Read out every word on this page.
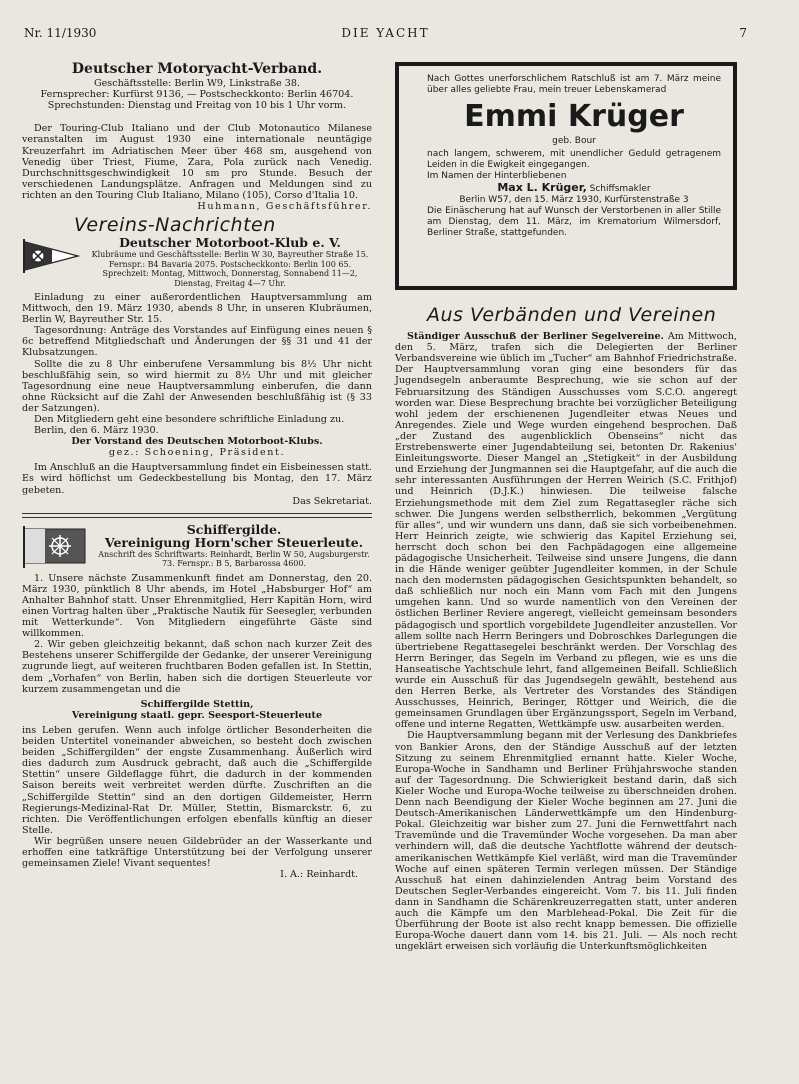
Nr. 11/1930	DIE YACHT	7
Deutscher Motoryacht-Verband.

Geschäftsstelle: Berlin W9, Linkstraße 38.

Fernsprecher: Kurfürst 9136, — Postscheckkonto: Berlin 46704.

Sprechstunden: Dienstag und Freitag von 10 bis 1 Uhr vorm.

Der Touring-Club Italiano und der Club Motonautico Milanese veranstalten im August 1930 eine internationale neuntägige Kreuzerfahrt im Adriatischen Meer über 468 sm, ausgehend von Venedig über Triest, Fiume, Zara, Pola zurück nach Venedig. Durchschnittsgeschwindigkeit 10 sm pro Stunde. Besuch der verschiedenen Landungsplätze. Anfragen und Meldungen sind zu richten an den Touring Club Italiano, Milano (105), Corso d'Italia 10.

Huhmann, Geschäftsführer.

Vereins-Nachrichten
Deutscher Motorboot-Klub e. V.

Klubräume und Geschäftsstelle: Berlin W 30, Bayreuther Straße 15. Fernspr.: B4 Bavaria 2075. Postscheckkonto: Berlin 100 65. Sprechzeit: Montag, Mittwoch, Donnerstag, Sonnabend 11—2, Dienstag, Freitag 4—7 Uhr.

Einladung zu einer außerordentlichen Hauptversammlung am Mittwoch, den 19. März 1930, abends 8 Uhr, in unseren Klubräumen, Berlin W, Bayreuther Str. 15.

Tagesordnung: Anträge des Vorstandes auf Einfügung eines neuen § 6c betreffend Mitgliedschaft und Änderungen der §§ 31 und 41 der Klubsatzungen.

Sollte die zu 8 Uhr einberufene Versammlung bis 8½ Uhr nicht beschlußfähig sein, so wird hiermit zu 8½ Uhr und mit gleicher Tagesordnung eine neue Hauptversammlung einberufen, die dann ohne Rücksicht auf die Zahl der Anwesenden beschlußfähig ist (§ 33 der Satzungen).

Den Mitgliedern geht eine besondere schriftliche Einladung zu.

Berlin, den 6. März 1930.

Der Vorstand des Deutschen Motorboot-Klubs.

gez.: Schoening, Präsident.

Im Anschluß an die Hauptversammlung findet ein Eisbeinessen statt. Es wird höflichst um Gedeckbestellung bis Montag, den 17. März gebeten.

Das Sekretariat.

Schiffergilde.
Vereinigung Horn'scher Steuerleute.

Anschrift des Schriftwarts: Reinhardt, Berlin W 50, Augsburgerstr. 73. Fernspr.: B 5, Barbarossa 4600.

1. Unsere nächste Zusammenkunft findet am Donnerstag, den 20. März 1930, pünktlich 8 Uhr abends, im Hotel „Habsburger Hof“ am Anhalter Bahnhof statt. Unser Ehrenmitglied, Herr Kapitän Horn, wird einen Vortrag halten über „Praktische Nautik für Seesegler, verbunden mit Wetterkunde“. Von Mitgliedern eingeführte Gäste sind willkommen.

2. Wir geben gleichzeitig bekannt, daß schon nach kurzer Zeit des Bestehens unserer Schiffergilde der Gedanke, der unserer Vereinigung zugrunde liegt, auf weiteren fruchtbaren Boden gefallen ist. In Stettin, dem „Vorhafen“ von Berlin, haben sich die dortigen Steuerleute vor kurzem zusammengetan und die

Schiffergilde Stettin,

Vereinigung staatl. gepr. Seesport-Steuerleute

ins Leben gerufen. Wenn auch infolge örtlicher Besonderheiten die beiden Untertitel voneinander abweichen, so besteht doch zwischen beiden „Schiffergilden“ der engste Zusammenhang. Äußerlich wird dies dadurch zum Ausdruck gebracht, daß auch die „Schiffergilde Stettin“ unsere Gildeflagge führt, die dadurch in der kommenden Saison bereits weit verbreitet werden dürfte. Zuschriften an die „Schiffergilde Stettin“ sind an den dortigen Gildemeister, Herrn Regierungs-Medizinal-Rat Dr. Müller, Stettin, Bismarckstr. 6, zu richten. Die Veröffentlichungen erfolgen ebenfalls künftig an dieser Stelle.

Wir begrüßen unsere neuen Gildebrüder an der Wasserkante und erhoffen eine tatkräftige Unterstützung bei der Verfolgung unserer gemeinsamen Ziele! Vivant sequentes!

I. A.: Reinhardt.

Nach Gottes unerforschlichem Ratschluß ist am 7. März meine über alles geliebte Frau, mein treuer Lebenskamerad

Emmi Krüger
geb. Bour

nach langem, schwerem, mit unendlicher Geduld getragenem Leiden in die Ewigkeit eingegangen.

Im Namen der Hinterbliebenen

Max L. Krüger, Schiffsmakler

Berlin W57, den 15. März 1930, Kurfürstenstraße 3

Die Einäscherung hat auf Wunsch der Verstorbenen in aller Stille am Dienstag, dem 11. März, im Krematorium Wilmersdorf, Berliner Straße, stattgefunden.

Aus Verbänden und Vereinen

Ständiger Ausschuß der Berliner Segelvereine. Am Mittwoch, den 5. März, trafen sich die Delegierten der Berliner Verbandsvereine wie üblich im „Tucher“ am Bahnhof Friedrichstraße. Der Hauptversammlung voran ging eine besonders für das Jugendsegeln anberaumte Besprechung, wie sie schon auf der Februarsitzung des Ständigen Ausschusses vom S.C.O. angeregt worden war. Diese Besprechung brachte bei vorzüglicher Beteiligung wohl jedem der erschienenen Jugendleiter etwas Neues und Anregendes. Ziele und Wege wurden eingehend besprochen. Daß „der Zustand des augenblicklich Obenseins“ nicht das Erstrebenswerte einer Jugendabteilung sei, betonten Dr. Rakenius' Einleitungsworte. Dieser Mangel an „Stetigkeit“ in der Ausbildung und Erziehung der Jungmannen sei die Hauptgefahr, auf die auch die sehr interessanten Ausführungen der Herren Weirich (S.C. Frithjof) und Heinrich (D.J.K.) hinwiesen. Die teilweise falsche Erziehungsmethode mit dem Ziel zum Regattasegler räche sich schwer. Die Jungens werden selbstherrlich, bekommen „Vergütung für alles“, und wir wundern uns dann, daß sie sich vorbeibenehmen. Herr Heinrich zeigte, wie schwierig das Kapitel Erziehung sei, herrscht doch schon bei den Fachpädagogen eine allgemeine pädagogische Unsicherheit. Teilweise sind unsere Jungens, die dann in die Hände weniger geübter Jugendleiter kommen, in der Schule nach den modernsten pädagogischen Gesichtspunkten behandelt, so daß schließlich nur noch ein Mann vom Fach mit den Jungens umgehen kann. Und so wurde namentlich von den Vereinen der östlichen Berliner Reviere angeregt, vielleicht gemeinsam besonders pädagogisch und sportlich vorgebildete Jugendleiter anzustellen. Vor allem sollte nach Herrn Beringers und Dobroschkes Darlegungen die übertriebene Regattasegelei beschränkt werden. Der Vorschlag des Herrn Beringer, das Segeln im Verband zu pflegen, wie es uns die Hanseatische Yachtschule lehrt, fand allgemeinen Beifall. Schließlich wurde ein Ausschuß für das Jugendsegeln gewählt, bestehend aus den Herren Berke, als Vertreter des Vorstandes des Ständigen Ausschusses, Heinrich, Beringer, Röttger und Weirich, die die gemeinsamen Grundlagen über Ergänzungssport, Segeln im Verband, offene und interne Regatten, Wettkämpfe usw. ausarbeiten werden.

Die Hauptversammlung begann mit der Verlesung des Dankbriefes von Bankier Arons, den der Ständige Ausschuß auf der letzten Sitzung zu seinem Ehrenmitglied ernannt hatte. Kieler Woche, Europa-Woche in Sandhamn und Berliner Frühjahrswoche standen auf der Tagesordnung. Die Schwierigkeit bestand darin, daß sich Kieler Woche und Europa-Woche teilweise zu überschneiden drohen. Denn nach Beendigung der Kieler Woche beginnen am 27. Juni die Deutsch-Amerikanischen Länderwettkämpfe um den Hindenburg-Pokal. Gleichzeitig war bisher zum 27. Juni die Fernwettfahrt nach Travemünde und die Travemünder Woche vorgesehen. Da man aber verhindern will, daß die deutsche Yachtflotte während der deutsch-amerikanischen Wettkämpfe Kiel verläßt, wird man die Travemünder Woche auf einen späteren Termin verlegen müssen. Der Ständige Ausschuß hat einen dahinzielenden Antrag beim Vorstand des Deutschen Segler-Verbandes eingereicht. Vom 7. bis 11. Juli finden dann in Sandhamn die Schärenkreuzerregatten statt, unter anderen auch die Kämpfe um den Marblehead-Pokal. Die Zeit für die Überführung der Boote ist also recht knapp bemessen. Die offizielle Europa-Woche dauert dann vom 14. bis 21. Juli. — Als noch recht ungeklärt erweisen sich vorläufig die Unterkunftsmöglichkeiten
